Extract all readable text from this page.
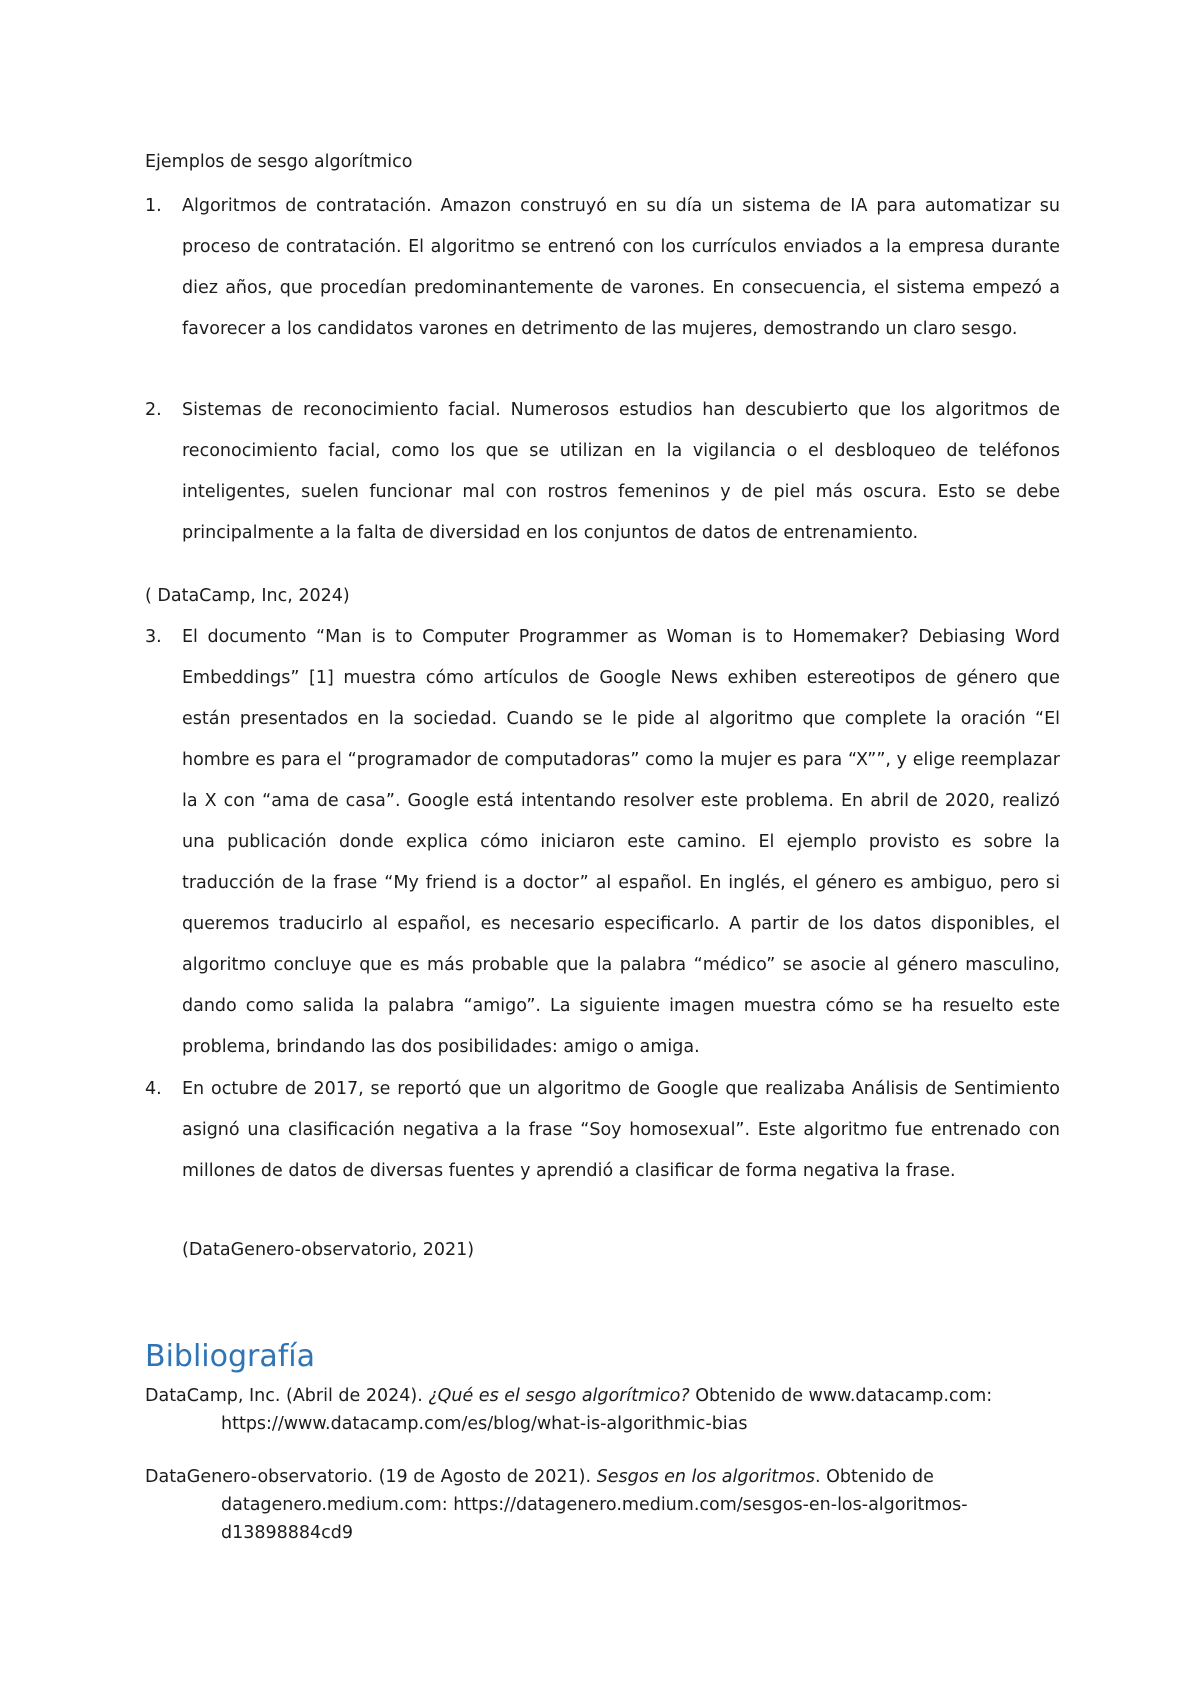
Ejemplos de sesgo algorítmico

1. Algoritmos de contratación. Amazon construyó en su día un sistema de IA para automatizar su proceso de contratación. El algoritmo se entrenó con los currículos enviados a la empresa durante diez años, que procedían predominantemente de varones. En consecuencia, el sistema empezó a favorecer a los candidatos varones en detrimento de las mujeres, demostrando un claro sesgo.

2. Sistemas de reconocimiento facial. Numerosos estudios han descubierto que los algoritmos de reconocimiento facial, como los que se utilizan en la vigilancia o el desbloqueo de teléfonos inteligentes, suelen funcionar mal con rostros femeninos y de piel más oscura. Esto se debe principalmente a la falta de diversidad en los conjuntos de datos de entrenamiento.

( DataCamp, Inc, 2024)

3. El documento “Man is to Computer Programmer as Woman is to Homemaker? Debiasing Word Embeddings” [1] muestra cómo artículos de Google News exhiben estereotipos de género que están presentados en la sociedad. Cuando se le pide al algoritmo que complete la oración “El hombre es para el “programador de computadoras” como la mujer es para “X””, y elige reemplazar la X con “ama de casa”. Google está intentando resolver este problema. En abril de 2020, realizó una publicación donde explica cómo iniciaron este camino. El ejemplo provisto es sobre la traducción de la frase “My friend is a doctor” al español. En inglés, el género es ambiguo, pero si queremos traducirlo al español, es necesario especificarlo. A partir de los datos disponibles, el algoritmo concluye que es más probable que la palabra “médico” se asocie al género masculino, dando como salida la palabra “amigo”. La siguiente imagen muestra cómo se ha resuelto este problema, brindando las dos posibilidades: amigo o amiga.

4. En octubre de 2017, se reportó que un algoritmo de Google que realizaba Análisis de Sentimiento asignó una clasificación negativa a la frase “Soy homosexual”. Este algoritmo fue entrenado con millones de datos de diversas fuentes y aprendió a clasificar de forma negativa la frase.

(DataGenero-observatorio, 2021)

Bibliografía

DataCamp, Inc. (Abril de 2024). ¿Qué es el sesgo algorítmico? Obtenido de www.datacamp.com: https://www.datacamp.com/es/blog/what-is-algorithmic-bias

DataGenero-observatorio. (19 de Agosto de 2021). Sesgos en los algoritmos. Obtenido de datagenero.medium.com: https://datagenero.medium.com/sesgos-en-los-algoritmos-d13898884cd9
